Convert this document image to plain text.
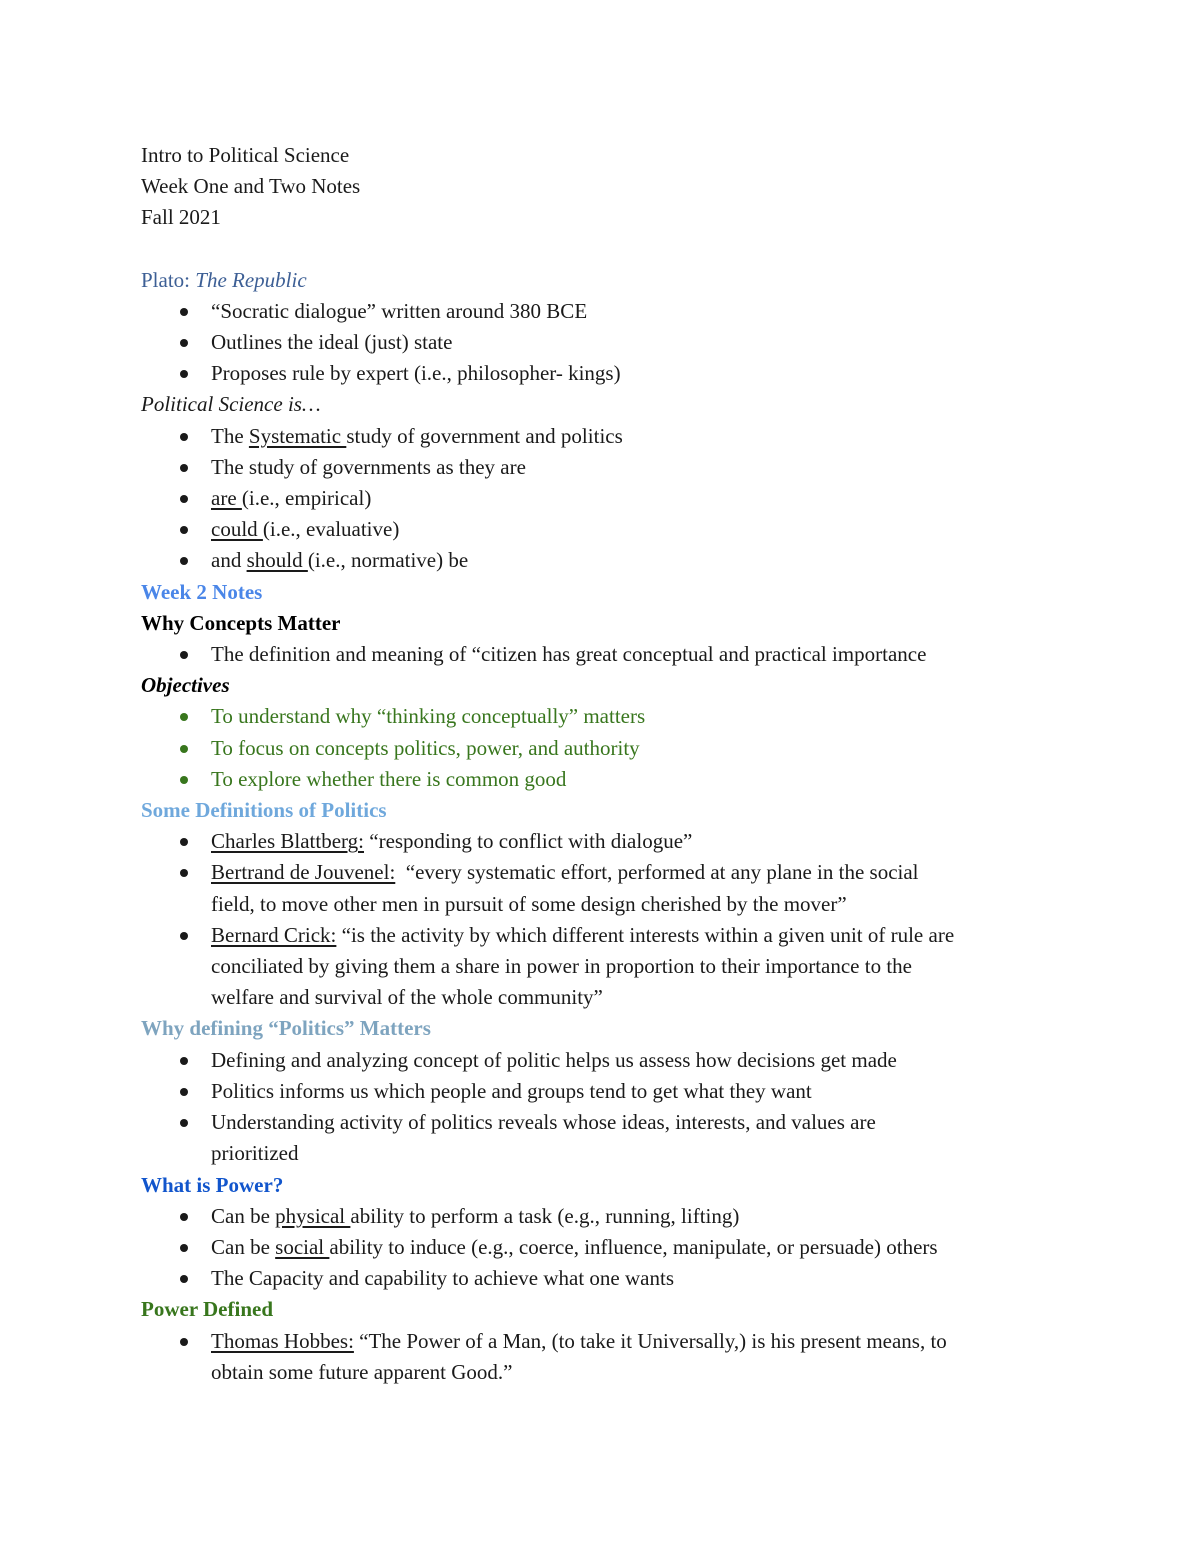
Intro to Political Science

Week One and Two Notes

Fall 2021

Plato: The Republic

“Socratic dialogue” written around 380 BCE
Outlines the ideal (just) state
Proposes rule by expert (i.e., philosopher- kings)

Political Science is…

The Systematic study of government and politics
The study of governments as they are
are (i.e., empirical)
could (i.e., evaluative)
and should (i.e., normative) be

Week 2 Notes

Why Concepts Matter

The definition and meaning of “citizen has great conceptual and practical importance

Objectives

To understand why “thinking conceptually” matters
To focus on concepts politics, power, and authority
To explore whether there is common good

Some Definitions of Politics

Charles Blattberg: “responding to conflict with dialogue”
Bertrand de Jouvenel:  “every systematic effort, performed at any plane in the social
field, to move other men in pursuit of some design cherished by the mover”
Bernard Crick: “is the activity by which different interests within a given unit of rule are
conciliated by giving them a share in power in proportion to their importance to the
welfare and survival of the whole community”

Why defining “Politics” Matters

Defining and analyzing concept of politic helps us assess how decisions get made
Politics informs us which people and groups tend to get what they want
Understanding activity of politics reveals whose ideas, interests, and values are
prioritized

What is Power?

Can be physical ability to perform a task (e.g., running, lifting)
Can be social ability to induce (e.g., coerce, influence, manipulate, or persuade) others
The Capacity and capability to achieve what one wants

Power Defined

Thomas Hobbes: “The Power of a Man, (to take it Universally,) is his present means, to
obtain some future apparent Good.”
